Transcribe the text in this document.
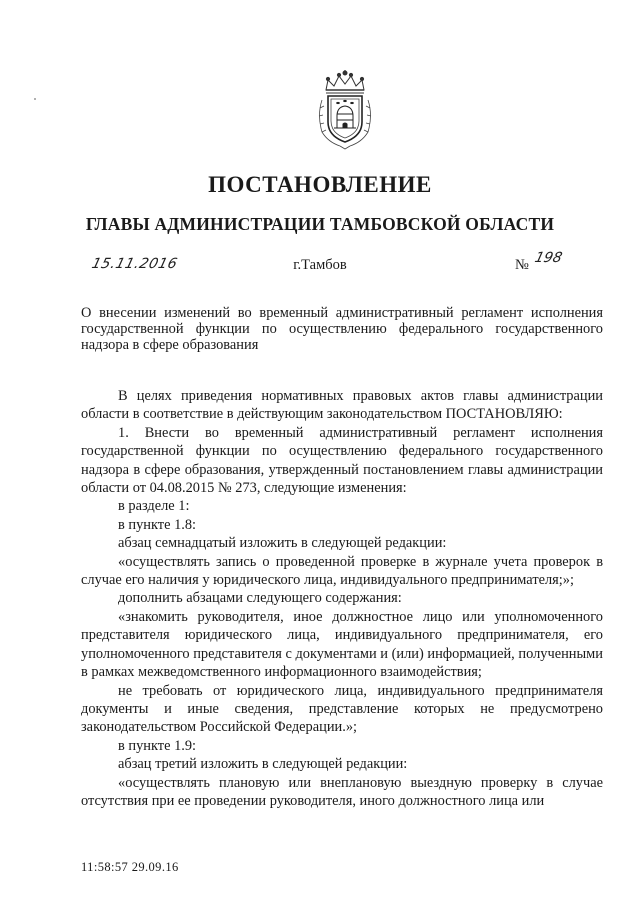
ПОСТАНОВЛЕНИЕ
ГЛАВЫ АДМИНИСТРАЦИИ ТАМБОВСКОЙ ОБЛАСТИ
15.11.2016	г.Тамбов	№ 198

О внесении изменений во временный административный регламент исполнения государственной функции по осуществлению федерального государственного надзора в сфере образования

В целях приведения нормативных правовых актов главы администрации области в соответствие в действующим законодательством ПОСТАНОВЛЯЮ:

1. Внести во временный административный регламент исполнения государственной функции по осуществлению федерального государственного надзора в сфере образования, утвержденный постановлением главы администрации области от 04.08.2015 № 273, следующие изменения:

в разделе 1:

в пункте 1.8:

абзац семнадцатый изложить в следующей редакции:

«осуществлять запись о проведенной проверке в журнале учета проверок в случае его наличия у юридического лица, индивидуального предпринимателя;»;

дополнить абзацами следующего содержания:

«знакомить руководителя, иное должностное лицо или уполномоченного представителя юридического лица, индивидуального предпринимателя, его уполномоченного представителя с документами и (или) информацией, полученными в рамках межведомственного информационного взаимодействия;

не требовать от юридического лица, индивидуального предпринимателя документы и иные сведения, представление которых не предусмотрено законодательством Российской Федерации.»;

в пункте 1.9:

абзац третий изложить в следующей редакции:

«осуществлять плановую или внеплановую выездную проверку в случае отсутствия при ее проведении руководителя, иного должностного лица или

11:58:57 29.09.16
